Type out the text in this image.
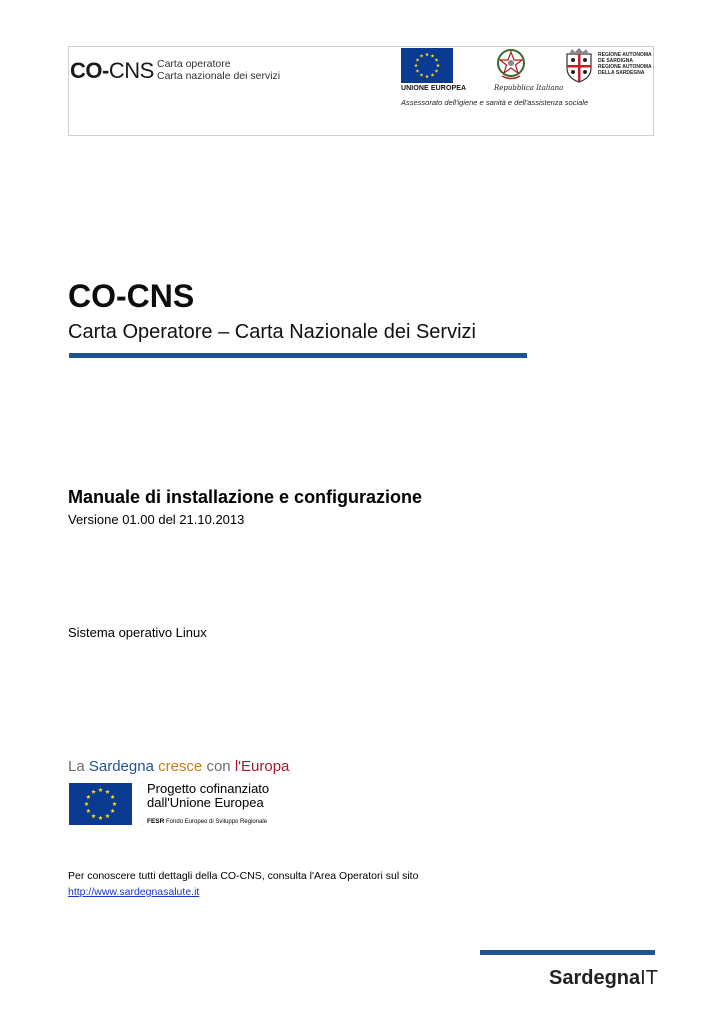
CO-CNS Carta operatore
Carta nazionale dei servizi
UNIONE EUROPEA	Repubblica Italiana
REGIONE AUTONOMA
DE SARDIGNA
REGIONE AUTONOMA
DELLA SARDEGNA
Assessorato dell'igiene e sanità e dell'assistenza sociale
CO-CNS
Carta Operatore – Carta Nazionale dei Servizi
Manuale di installazione e configurazione
Versione 01.00 del 21.10.2013
Sistema operativo Linux
La Sardegna cresce con l'Europa
Progetto cofinanziato
dall'Unione Europea
FESR Fondo Europeo di Sviluppo Regionale
Per conoscere tutti dettagli della CO-CNS, consulta l'Area Operatori sul sito
http://www.sardegnasalute.it
SardegnaIT
